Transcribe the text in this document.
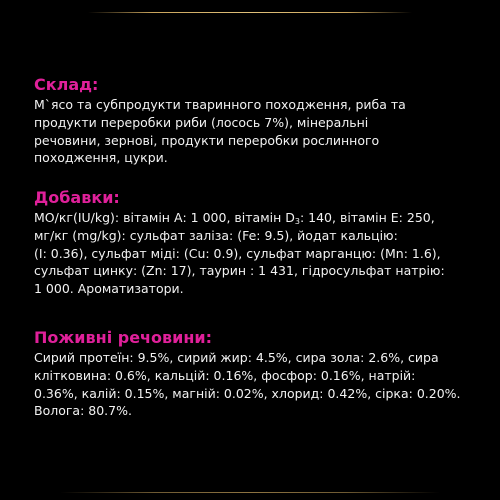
Склад:

М`ясо та субпродукти тваринного походження, риба та
продукти переробки риби (лосось 7%), мінеральні
речовини, зернові, продукти переробки рослинного
походження, цукри.

Добавки:

МО/кг(IU/kg): вітамін А: 1 000, вітамін $D_3$: 140, вітамін Е: 250,
мг/кг (mg/kg): сульфат заліза: (Fe: 9.5), йодат кальцію:
(I: 0.36), сульфат міді: (Cu: 0.9), сульфат марганцю: (Mn: 1.6),
сульфат цинку: (Zn: 17), таурин : 1 431, гідросульфат натрію:
1 000. Ароматизатори.

Поживні речовини:

Сирий протеїн: 9.5%, сирий жир: 4.5%, сира зола: 2.6%, сира
клітковина: 0.6%, кальцій: 0.16%, фосфор: 0.16%, натрій:
0.36%, калій: 0.15%, магній: 0.02%, хлорид: 0.42%, сірка: 0.20%.
Волога: 80.7%.
